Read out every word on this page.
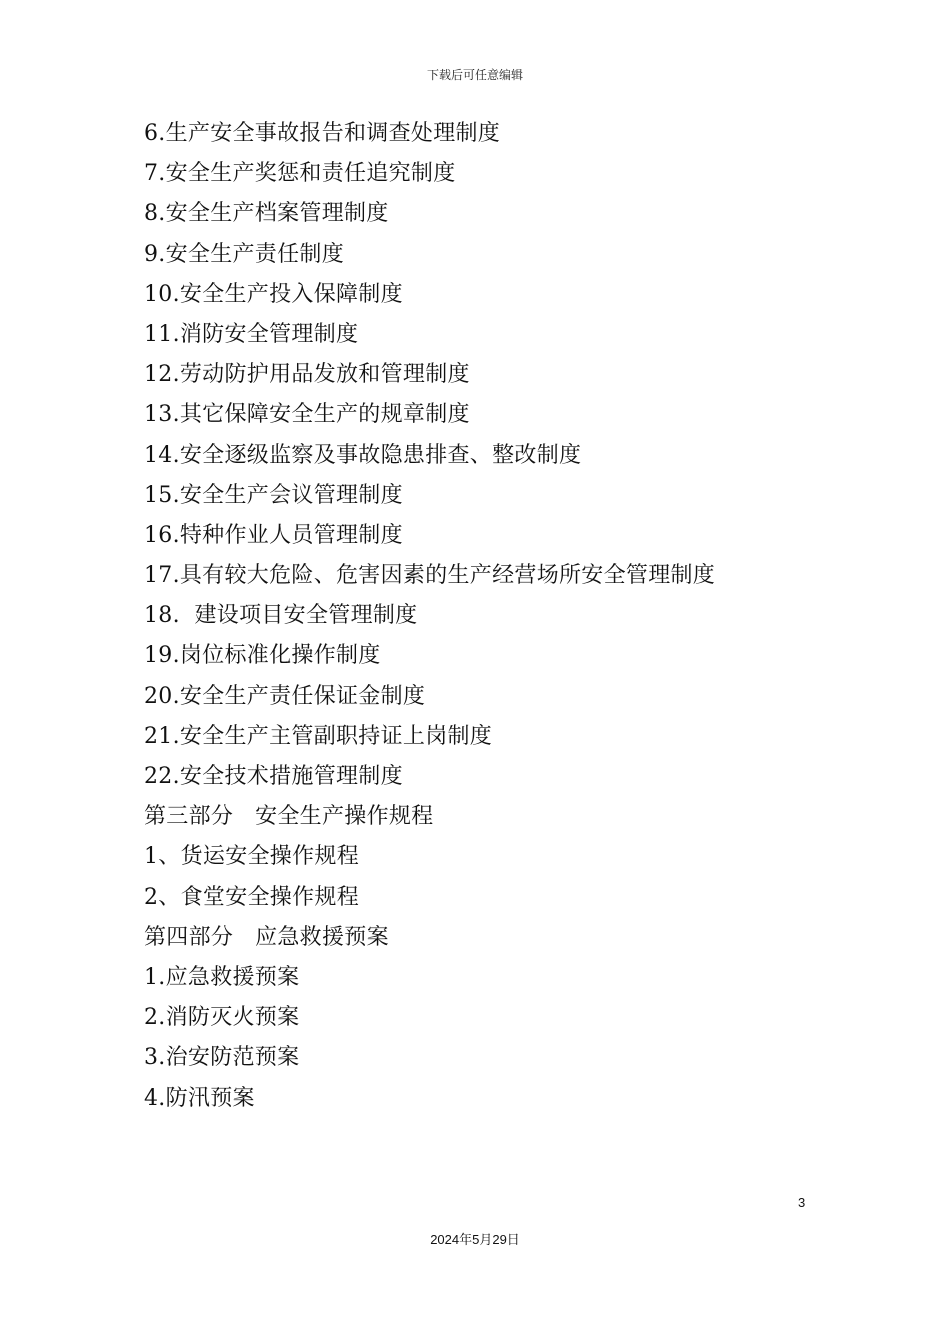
下载后可任意编辑
6.生产安全事故报告和调查处理制度
7.安全生产奖惩和责任追究制度
8.安全生产档案管理制度
9.安全生产责任制度
10.安全生产投入保障制度
11.消防安全管理制度
12.劳动防护用品发放和管理制度
13.其它保障安全生产的规章制度
14.安全逐级监察及事故隐患排查、整改制度
15.安全生产会议管理制度
16.特种作业人员管理制度
17.具有较大危险、危害因素的生产经营场所安全管理制度
18.  建设项目安全管理制度
19.岗位标准化操作制度
20.安全生产责任保证金制度
21.安全生产主管副职持证上岗制度
22.安全技术措施管理制度
第三部分   安全生产操作规程
1、货运安全操作规程
2、食堂安全操作规程
第四部分   应急救援预案
1.应急救援预案
2.消防灭火预案
3.治安防范预案
4.防汛预案
3
2024年5月29日
